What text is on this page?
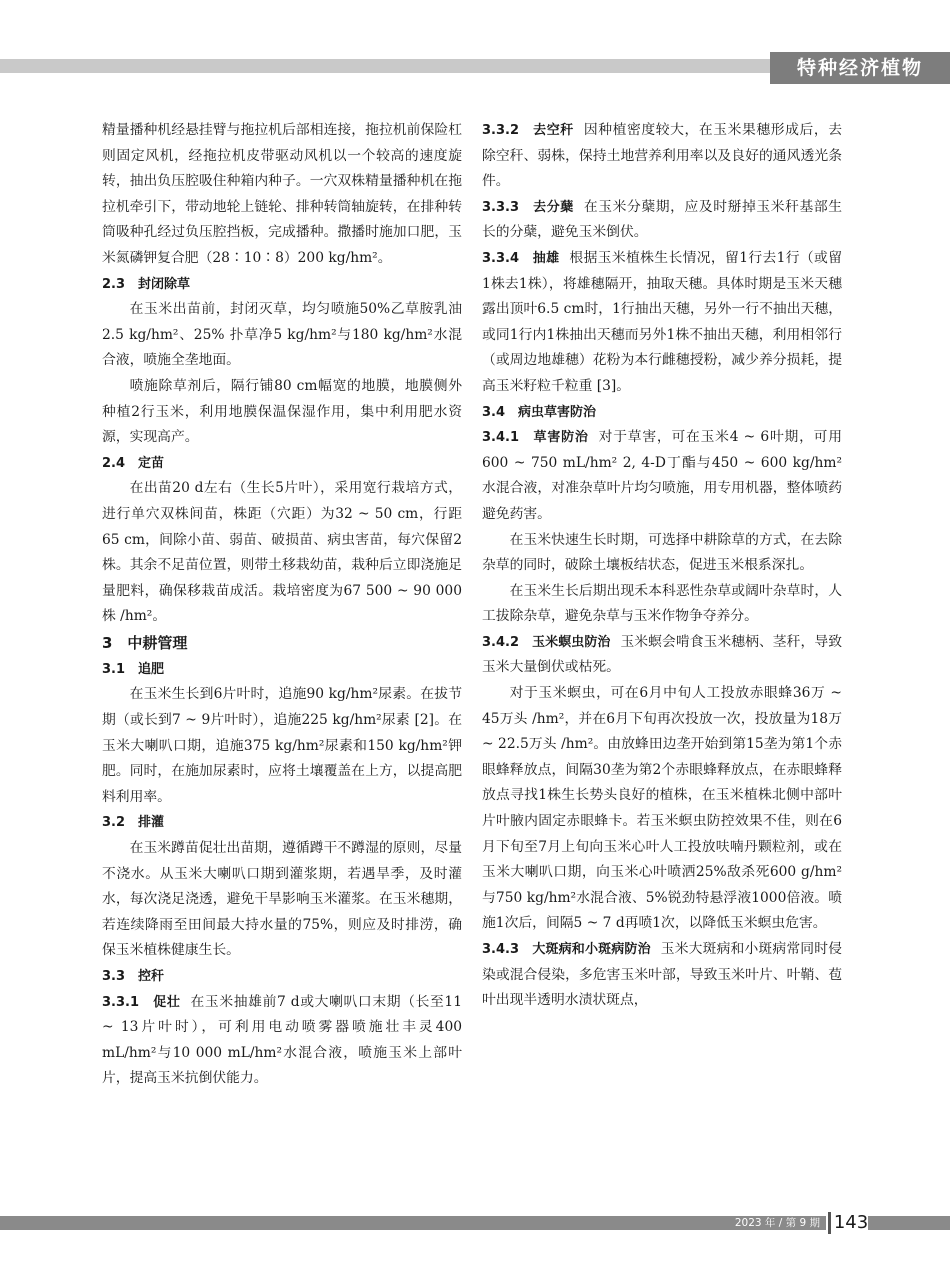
特种经济植物

精量播种机经悬挂臂与拖拉机后部相连接，拖拉机前保险杠则固定风机，经拖拉机皮带驱动风机以一个较高的速度旋转，抽出负压腔吸住种箱内种子。一穴双株精量播种机在拖拉机牵引下，带动地轮上链轮、排种转筒轴旋转，在排种转筒吸种孔经过负压腔挡板，完成播种。撒播时施加口肥，玉米氮磷钾复合肥（28∶10∶8）200 kg/hm²。

2.3　封闭除草

在玉米出苗前，封闭灭草，均匀喷施50%乙草胺乳油2.5 kg/hm²、25% 扑草净5 kg/hm²与180 kg/hm²水混合液，喷施全垄地面。

喷施除草剂后，隔行铺80 cm幅宽的地膜，地膜侧外种植2行玉米，利用地膜保温保湿作用，集中利用肥水资源，实现高产。

2.4　定苗

在出苗20 d左右（生长5片叶），采用宽行栽培方式，进行单穴双株间苗，株距（穴距）为32 ~ 50 cm，行距65 cm，间除小苗、弱苗、破损苗、病虫害苗，每穴保留2株。其余不足苗位置，则带土移栽幼苗，栽种后立即浇施足量肥料，确保移栽苗成活。栽培密度为67 500 ~ 90 000株 /hm²。

3　中耕管理

3.1　追肥

在玉米生长到6片叶时，追施90 kg/hm²尿素。在拔节期（或长到7 ~ 9片叶时），追施225 kg/hm²尿素 [2]。在玉米大喇叭口期，追施375 kg/hm²尿素和150 kg/hm²钾肥。同时，在施加尿素时，应将土壤覆盖在上方，以提高肥料利用率。

3.2　排灌

在玉米蹲苗促壮出苗期，遵循蹲干不蹲湿的原则，尽量不浇水。从玉米大喇叭口期到灌浆期，若遇旱季，及时灌水，每次浇足浇透，避免干旱影响玉米灌浆。在玉米穗期，若连续降雨至田间最大持水量的75%，则应及时排涝，确保玉米植株健康生长。

3.3　控秆

3.3.1　促壮 在玉米抽雄前7 d或大喇叭口末期（长至11 ~ 13片叶时），可利用电动喷雾器喷施壮丰灵400 mL/hm²与10 000 mL/hm²水混合液，喷施玉米上部叶片，提高玉米抗倒伏能力。

3.3.2　去空秆 因种植密度较大，在玉米果穗形成后，去除空秆、弱株，保持土地营养利用率以及良好的通风透光条件。

3.3.3　去分蘖 在玉米分蘖期，应及时掰掉玉米秆基部生长的分蘖，避免玉米倒伏。

3.3.4　抽雄 根据玉米植株生长情况，留1行去1行（或留1株去1株），将雄穗隔开，抽取天穗。具体时期是玉米天穗露出顶叶6.5 cm时，1行抽出天穗，另外一行不抽出天穗，或同1行内1株抽出天穗而另外1株不抽出天穗，利用相邻行（或周边地雄穗）花粉为本行雌穗授粉，减少养分损耗，提高玉米籽粒千粒重 [3]。

3.4　病虫草害防治

3.4.1　草害防治 对于草害，可在玉米4 ~ 6叶期，可用600 ~ 750 mL/hm² 2, 4-D丁酯与450 ~ 600 kg/hm²水混合液，对准杂草叶片均匀喷施，用专用机器，整体喷药避免药害。

在玉米快速生长时期，可选择中耕除草的方式，在去除杂草的同时，破除土壤板结状态，促进玉米根系深扎。

在玉米生长后期出现禾本科恶性杂草或阔叶杂草时，人工拔除杂草，避免杂草与玉米作物争夺养分。

3.4.2　玉米螟虫防治 玉米螟会啃食玉米穗柄、茎秆，导致玉米大量倒伏或枯死。

对于玉米螟虫，可在6月中旬人工投放赤眼蜂36万 ~ 45万头 /hm²，并在6月下旬再次投放一次，投放量为18万 ~ 22.5万头 /hm²。由放蜂田边垄开始到第15垄为第1个赤眼蜂释放点，间隔30垄为第2个赤眼蜂释放点，在赤眼蜂释放点寻找1株生长势头良好的植株，在玉米植株北侧中部叶片叶腋内固定赤眼蜂卡。若玉米螟虫防控效果不佳，则在6月下旬至7月上旬向玉米心叶人工投放呋喃丹颗粒剂，或在玉米大喇叭口期，向玉米心叶喷洒25%敌杀死600 g/hm²与750 kg/hm²水混合液、5%锐劲特悬浮液1000倍液。喷施1次后，间隔5 ~ 7 d再喷1次，以降低玉米螟虫危害。

3.4.3　大斑病和小斑病防治 玉米大斑病和小斑病常同时侵染或混合侵染，多危害玉米叶部，导致玉米叶片、叶鞘、苞叶出现半透明水渍状斑点，

2023 年 / 第 9 期 143
